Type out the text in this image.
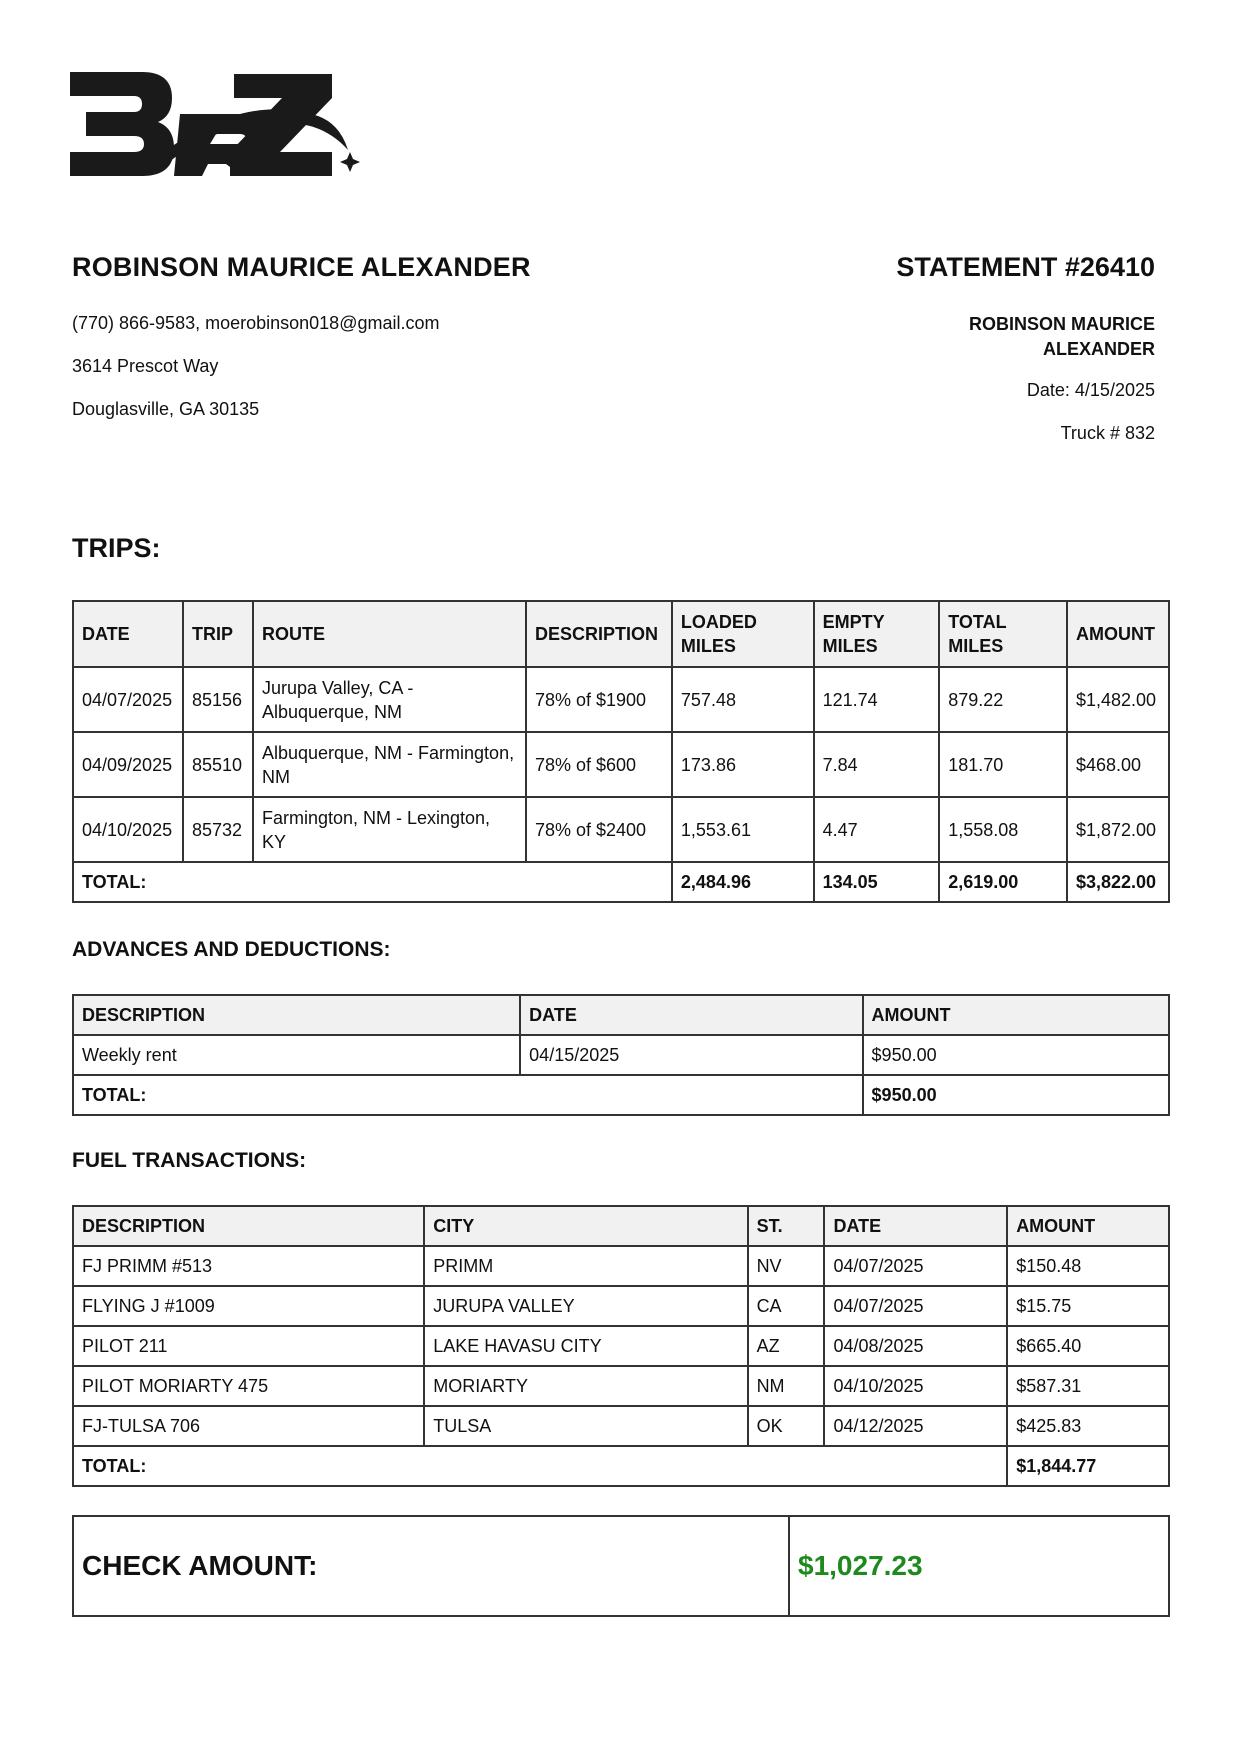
ROBINSON MAURICE ALEXANDER	STATEMENT #26410
(770) 866-9583, moerobinson018@gmail.com
3614 Prescot Way
Douglasville, GA 30135
ROBINSON MAURICE ALEXANDER
Date: 4/15/2025
Truck # 832
TRIPS:
DATE	TRIP	ROUTE	DESCRIPTION	LOADED MILES	EMPTY MILES	TOTAL MILES	AMOUNT
04/07/2025	85156	Jurupa Valley, CA - Albuquerque, NM	78% of $1900	757.48	121.74	879.22	$1,482.00
04/09/2025	85510	Albuquerque, NM - Farmington, NM	78% of $600	173.86	7.84	181.70	$468.00
04/10/2025	85732	Farmington, NM - Lexington, KY	78% of $2400	1,553.61	4.47	1,558.08	$1,872.00
TOTAL:				2,484.96	134.05	2,619.00	$3,822.00
ADVANCES AND DEDUCTIONS:
DESCRIPTION	DATE	AMOUNT
Weekly rent	04/15/2025	$950.00
TOTAL:		$950.00
FUEL TRANSACTIONS:
DESCRIPTION	CITY	ST.	DATE	AMOUNT
FJ PRIMM #513	PRIMM	NV	04/07/2025	$150.48
FLYING J #1009	JURUPA VALLEY	CA	04/07/2025	$15.75
PILOT 211	LAKE HAVASU CITY	AZ	04/08/2025	$665.40
PILOT MORIARTY 475	MORIARTY	NM	04/10/2025	$587.31
FJ-TULSA 706	TULSA	OK	04/12/2025	$425.83
TOTAL:				$1,844.77
CHECK AMOUNT:	$1,027.23
